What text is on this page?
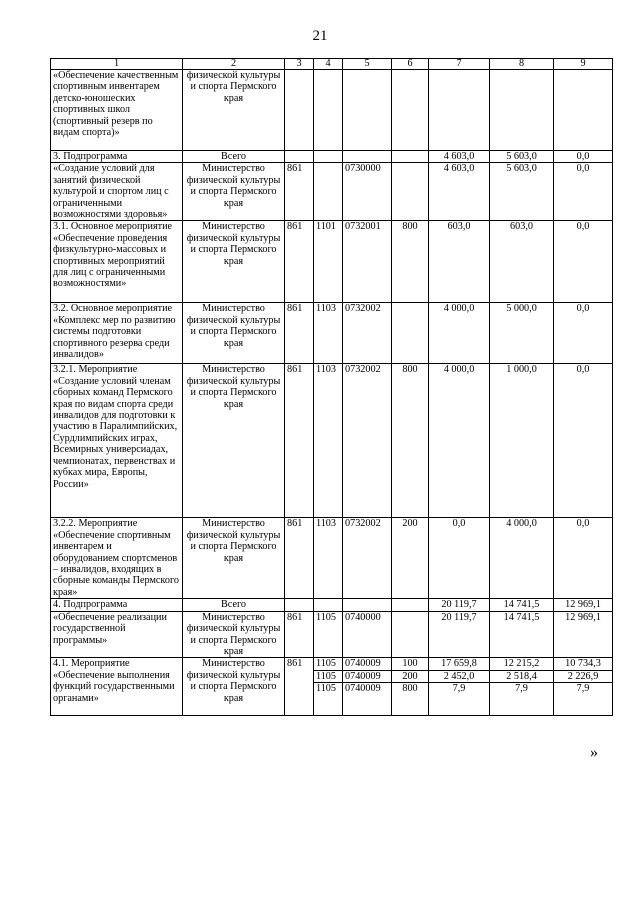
21
1	2	3	4	5	6	7	8	9
«Обеспечение качественным спортивным инвентарем детско-юношеских спортивных школ (спортивный резерв по видам спорта)»	физической культуры и спорта Пермского края							
3. Подпрограмма	Всего					4 603,0	5 603,0	0,0
«Создание условий для занятий физической культурой и спортом лиц с ограниченными возможностями здоровья»	Министерство физической культуры и спорта Пермского края	861		0730000		4 603,0	5 603,0	0,0
3.1. Основное мероприятие «Обеспечение проведения физкультурно-массовых и спортивных мероприятий для лиц с ограниченными возможностями»	Министерство физической культуры и спорта Пермского края	861	1101	0732001	800	603,0	603,0	0,0
3.2. Основное мероприятие «Комплекс мер по развитию системы подготовки спортивного резерва среди инвалидов»	Министерство физической культуры и спорта Пермского края	861	1103	0732002		4 000,0	5 000,0	0,0
3.2.1. Мероприятие «Создание условий членам сборных команд Пермского края по видам спорта среди инвалидов для подготовки к участию в Паралимпийских, Сурдлимпийских играх, Всемирных универсиадах, чемпионатах, первенствах и кубках мира, Европы, России»	Министерство физической культуры и спорта Пермского края	861	1103	0732002	800	4 000,0	1 000,0	0,0
3.2.2. Мероприятие «Обеспечение спортивным инвентарем и оборудованием спортсменов – инвалидов, входящих в сборные команды Пермского края»	Министерство физической культуры и спорта Пермского края	861	1103	0732002	200	0,0	4 000,0	0,0
4. Подпрограмма	Всего					20 119,7	14 741,5	12 969,1
«Обеспечение реализации государственной программы»	Министерство физической культуры и спорта Пермского края	861	1105	0740000		20 119,7	14 741,5	12 969,1
4.1. Мероприятие «Обеспечение выполнения функций государственными органами»	Министерство физической культуры и спорта Пермского края	861	1105	0740009	100	17 659,8	12 215,2	10 734,3
			1105	0740009	200	2 452,0	2 518,4	2 226,9
			1105	0740009	800	7,9	7,9	7,9
»
